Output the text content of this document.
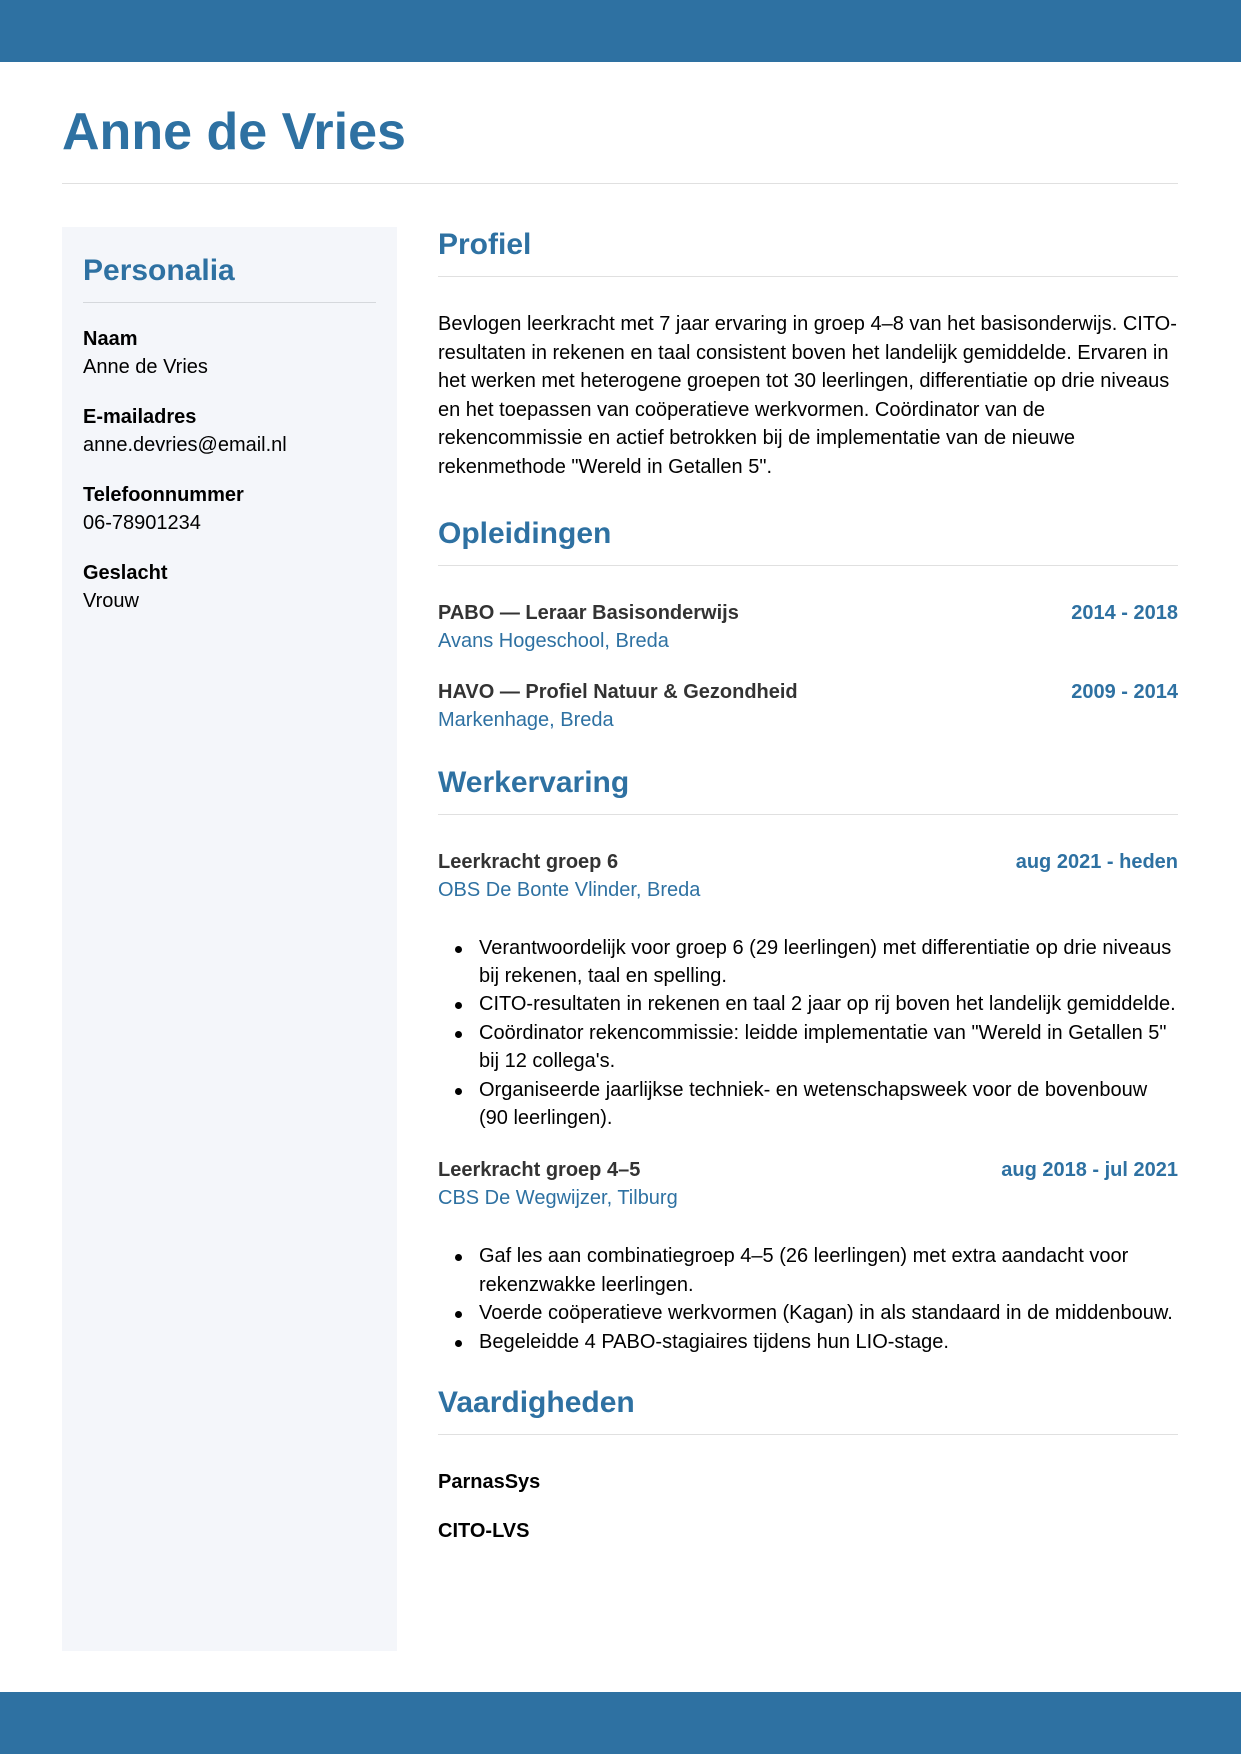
Anne de Vries
Personalia
Naam
Anne de Vries
E-mailadres
anne.devries@email.nl
Telefoonnummer
06-78901234
Geslacht
Vrouw
Profiel

Bevlogen leerkracht met 7 jaar ervaring in groep 4–8 van het basisonderwijs. CITO-resultaten in rekenen en taal consistent boven het landelijk gemiddelde. Ervaren in het werken met heterogene groepen tot 30 leerlingen, differentiatie op drie niveaus en het toepassen van coöperatieve werkvormen. Coördinator van de rekencommissie en actief betrokken bij de implementatie van de nieuwe rekenmethode "Wereld in Getallen 5".

Opleidingen
PABO — Leraar Basisonderwijs	2014 - 2018
Avans Hogeschool, Breda
HAVO — Profiel Natuur & Gezondheid	2009 - 2014
Markenhage, Breda
Werkervaring
Leerkracht groep 6	aug 2021 - heden
OBS De Bonte Vlinder, Breda
Verantwoordelijk voor groep 6 (29 leerlingen) met differentiatie op drie niveaus bij rekenen, taal en spelling.
CITO-resultaten in rekenen en taal 2 jaar op rij boven het landelijk gemiddelde.
Coördinator rekencommissie: leidde implementatie van "Wereld in Getallen 5" bij 12 collega's.
Organiseerde jaarlijkse techniek- en wetenschapsweek voor de bovenbouw (90 leerlingen).
Leerkracht groep 4–5	aug 2018 - jul 2021
CBS De Wegwijzer, Tilburg
Gaf les aan combinatiegroep 4–5 (26 leerlingen) met extra aandacht voor rekenzwakke leerlingen.
Voerde coöperatieve werkvormen (Kagan) in als standaard in de middenbouw.
Begeleidde 4 PABO-stagiaires tijdens hun LIO-stage.
Vaardigheden
ParnasSys
CITO-LVS
